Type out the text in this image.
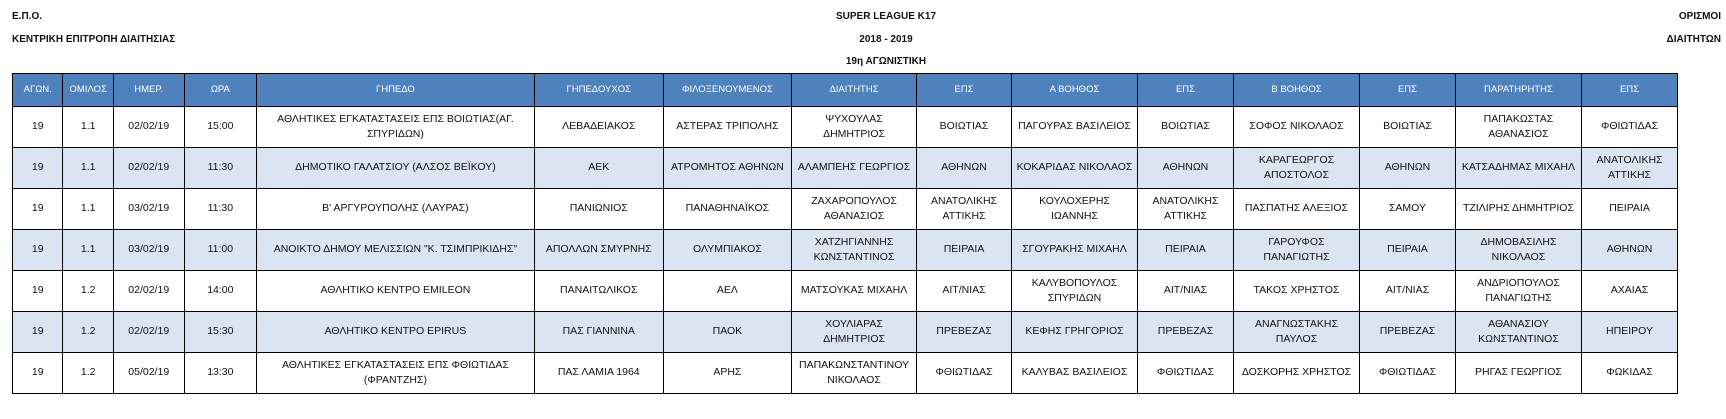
Ε.Π.Ο.
ΚΕΝΤΡΙΚΗ ΕΠΙΤΡΟΠΗ ΔΙΑΙΤΗΣΙΑΣ
SUPER LEAGUE K17
2018 - 2019
19η ΑΓΩΝΙΣΤΙΚΗ
ΟΡΙΣΜΟΙ
ΔΙΑΙΤΗΤΩΝ
ΑΓΩΝ.	ΟΜΙΛΟΣ	ΗΜΕΡ.	ΩΡΑ	ΓΗΠΕΔΟ	ΓΗΠΕΔΟΥΧΟΣ	ΦΙΛΟΞΕΝΟΥΜΕΝΟΣ	ΔΙΑΙΤΗΤΗΣ	ΕΠΣ	Α ΒΟΗΘΟΣ	ΕΠΣ	Β ΒΟΗΘΟΣ	ΕΠΣ	ΠΑΡΑΤΗΡΗΤΗΣ	ΕΠΣ
19	1.1	02/02/19	15:00	ΑΘΛΗΤΙΚΕΣ ΕΓΚΑΤΑΣΤΑΣΕΙΣ ΕΠΣ ΒΟΙΩΤΙΑΣ(ΑΓ. ΣΠΥΡΙΔΩΝ)	ΛΕΒΑΔΕΙΑΚΟΣ	ΑΣΤΕΡΑΣ ΤΡΙΠΟΛΗΣ	ΨΥΧΟΥΛΑΣ ΔΗΜΗΤΡΙΟΣ	ΒΟΙΩΤΙΑΣ	ΠΑΓΟΥΡΑΣ ΒΑΣΙΛΕΙΟΣ	ΒΟΙΩΤΙΑΣ	ΣΟΦΟΣ ΝΙΚΟΛΑΟΣ	ΒΟΙΩΤΙΑΣ	ΠΑΠΑΚΩΣΤΑΣ ΑΘΑΝΑΣΙΟΣ	ΦΘΙΩΤΙΔΑΣ
19	1.1	02/02/19	11:30	ΔΗΜΟΤΙΚΟ ΓΑΛΑΤΣΙΟΥ (ΑΛΣΟΣ ΒΕΪΚΟΥ)	ΑΕΚ	ΑΤΡΟΜΗΤΟΣ ΑΘΗΝΩΝ	ΑΛΑΜΠΕΗΣ ΓΕΩΡΓΙΟΣ	ΑΘΗΝΩΝ	ΚΟΚΑΡΙΔΑΣ ΝΙΚΟΛΑΟΣ	ΑΘΗΝΩΝ	ΚΑΡΑΓΕΩΡΓΟΣ ΑΠΟΣΤΟΛΟΣ	ΑΘΗΝΩΝ	ΚΑΤΣΑΔΗΜΑΣ ΜΙΧΑΗΛ	ΑΝΑΤΟΛΙΚΗΣ ΑΤΤΙΚΗΣ
19	1.1	03/02/19	11:30	Β' ΑΡΓΥΡΟΥΠΟΛΗΣ (ΛΑΥΡΑΣ)	ΠΑΝΙΩΝΙΟΣ	ΠΑΝΑΘΗΝΑΪΚΟΣ	ΖΑΧΑΡΟΠΟΥΛΟΣ ΑΘΑΝΑΣΙΟΣ	ΑΝΑΤΟΛΙΚΗΣ ΑΤΤΙΚΗΣ	ΚΟΥΛΟΧΕΡΗΣ ΙΩΑΝΝΗΣ	ΑΝΑΤΟΛΙΚΗΣ ΑΤΤΙΚΗΣ	ΠΑΣΠΑΤΗΣ ΑΛΕΞΙΟΣ	ΣΑΜΟΥ	ΤΖΙΛΙΡΗΣ ΔΗΜΗΤΡΙΟΣ	ΠΕΙΡΑΙΑ
19	1.1	03/02/19	11:00	ΑΝΟΙΚΤΟ ΔΗΜΟΥ ΜΕΛΙΣΣΙΩΝ "Κ. ΤΣΙΜΠΡΙΚΙΔΗΣ"	ΑΠΟΛΛΩΝ ΣΜΥΡΝΗΣ	ΟΛΥΜΠΙΑΚΟΣ	ΧΑΤΖΗΓΙΑΝΝΗΣ ΚΩΝΣΤΑΝΤΙΝΟΣ	ΠΕΙΡΑΙΑ	ΣΓΟΥΡΑΚΗΣ ΜΙΧΑΗΛ	ΠΕΙΡΑΙΑ	ΓΑΡΟΥΦΟΣ ΠΑΝΑΓΙΩΤΗΣ	ΠΕΙΡΑΙΑ	ΔΗΜΟΒΑΣΙΛΗΣ ΝΙΚΟΛΑΟΣ	ΑΘΗΝΩΝ
19	1.2	02/02/19	14:00	ΑΘΛΗΤΙΚΟ ΚΕΝΤΡΟ EMILEON	ΠΑΝΑΙΤΩΛΙΚΟΣ	ΑΕΛ	ΜΑΤΣΟΥΚΑΣ ΜΙΧΑΗΛ	ΑΙΤ/ΝΙΑΣ	ΚΑΛΥΒΟΠΟΥΛΟΣ ΣΠΥΡΙΔΩΝ	ΑΙΤ/ΝΙΑΣ	ΤΑΚΟΣ ΧΡΗΣΤΟΣ	ΑΙΤ/ΝΙΑΣ	ΑΝΔΡΙΟΠΟΥΛΟΣ ΠΑΝΑΓΙΩΤΗΣ	ΑΧΑΙΑΣ
19	1.2	02/02/19	15:30	ΑΘΛΗΤΙΚΟ ΚΕΝΤΡΟ EPIRUS	ΠΑΣ ΓΙΑΝΝΙΝΑ	ΠΑΟΚ	ΧΟΥΛΙΑΡΑΣ ΔΗΜΗΤΡΙΟΣ	ΠΡΕΒΕΖΑΣ	ΚΕΦΗΣ ΓΡΗΓΟΡΙΟΣ	ΠΡΕΒΕΖΑΣ	ΑΝΑΓΝΩΣΤΑΚΗΣ ΠΑΥΛΟΣ	ΠΡΕΒΕΖΑΣ	ΑΘΑΝΑΣΙΟΥ ΚΩΝΣΤΑΝΤΙΝΟΣ	ΗΠΕΙΡΟΥ
19	1.2	05/02/19	13:30	ΑΘΛΗΤΙΚΕΣ ΕΓΚΑΤΑΣΤΑΣΕΙΣ ΕΠΣ ΦΘΙΩΤΙΔΑΣ (ΦΡΑΝΤΖΗΣ)	ΠΑΣ ΛΑΜΙΑ 1964	ΑΡΗΣ	ΠΑΠΑΚΩΝΣΤΑΝΤΙΝΟΥ ΝΙΚΟΛΑΟΣ	ΦΘΙΩΤΙΔΑΣ	ΚΑΛΥΒΑΣ ΒΑΣΙΛΕΙΟΣ	ΦΘΙΩΤΙΔΑΣ	ΔΟΣΚΟΡΗΣ ΧΡΗΣΤΟΣ	ΦΘΙΩΤΙΔΑΣ	ΡΗΓΑΣ ΓΕΩΡΓΙΟΣ	ΦΩΚΙΔΑΣ
